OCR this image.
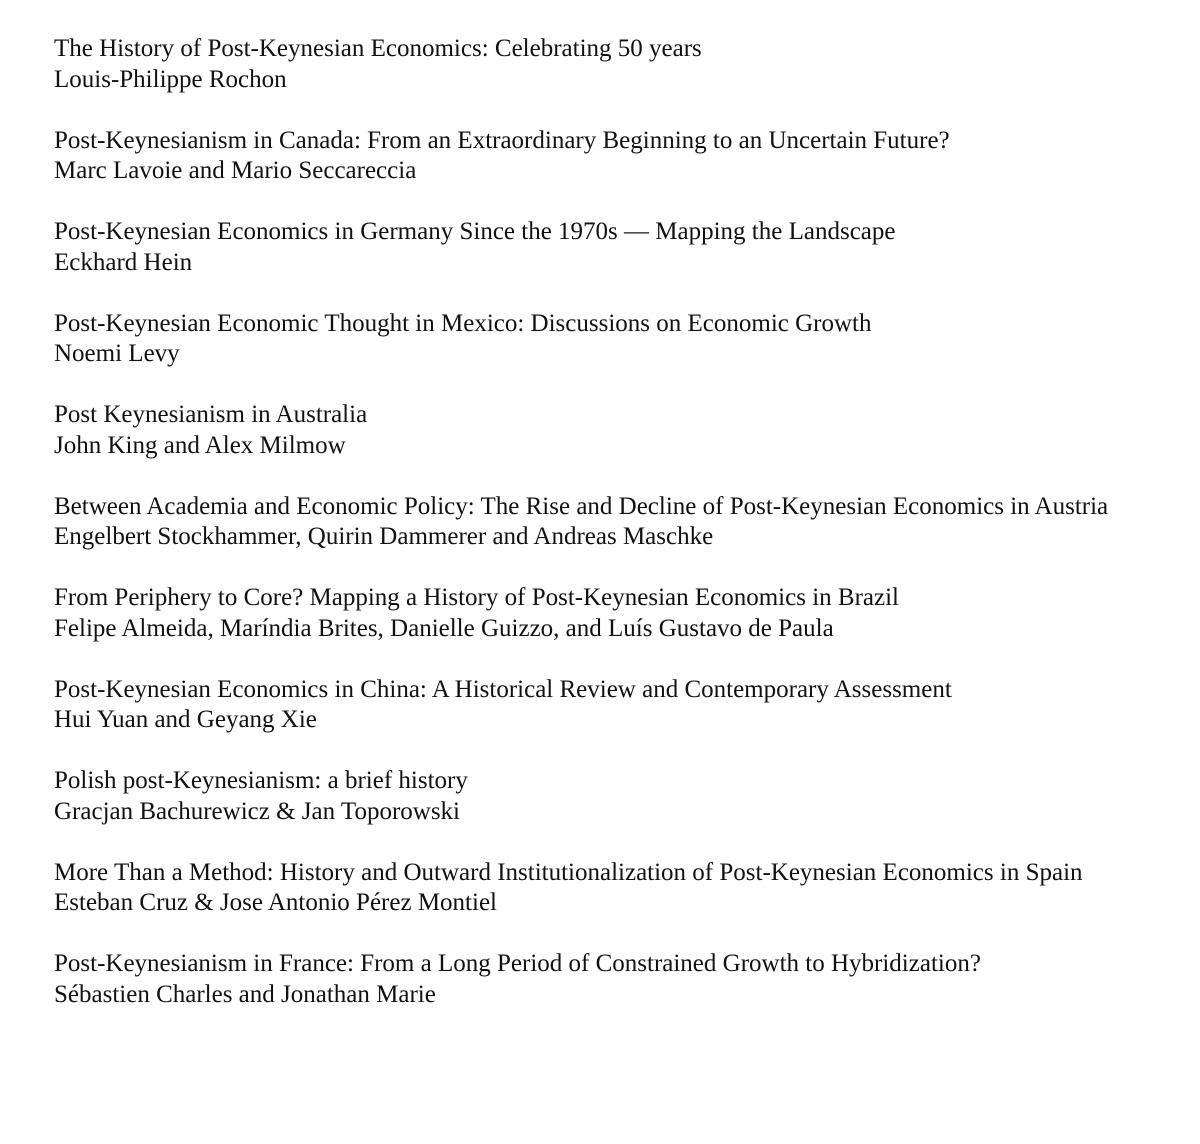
The History of Post-Keynesian Economics: Celebrating 50 years
Louis-Philippe Rochon
Post-Keynesianism in Canada: From an Extraordinary Beginning to an Uncertain Future?
Marc Lavoie and Mario Seccareccia
Post-Keynesian Economics in Germany Since the 1970s — Mapping the Landscape
Eckhard Hein
Post-Keynesian Economic Thought in Mexico: Discussions on Economic Growth
Noemi Levy
Post Keynesianism in Australia
John King and Alex Milmow
Between Academia and Economic Policy: The Rise and Decline of Post-Keynesian Economics in Austria
Engelbert Stockhammer, Quirin Dammerer and Andreas Maschke
From Periphery to Core? Mapping a History of Post-Keynesian Economics in Brazil
Felipe Almeida, Maríndia Brites, Danielle Guizzo, and Luís Gustavo de Paula
Post-Keynesian Economics in China: A Historical Review and Contemporary Assessment
Hui Yuan and Geyang Xie
Polish post-Keynesianism: a brief history
Gracjan Bachurewicz & Jan Toporowski
More Than a Method: History and Outward Institutionalization of Post-Keynesian Economics in Spain
Esteban Cruz & Jose Antonio Pérez Montiel
Post-Keynesianism in France: From a Long Period of Constrained Growth to Hybridization?
Sébastien Charles and Jonathan Marie
